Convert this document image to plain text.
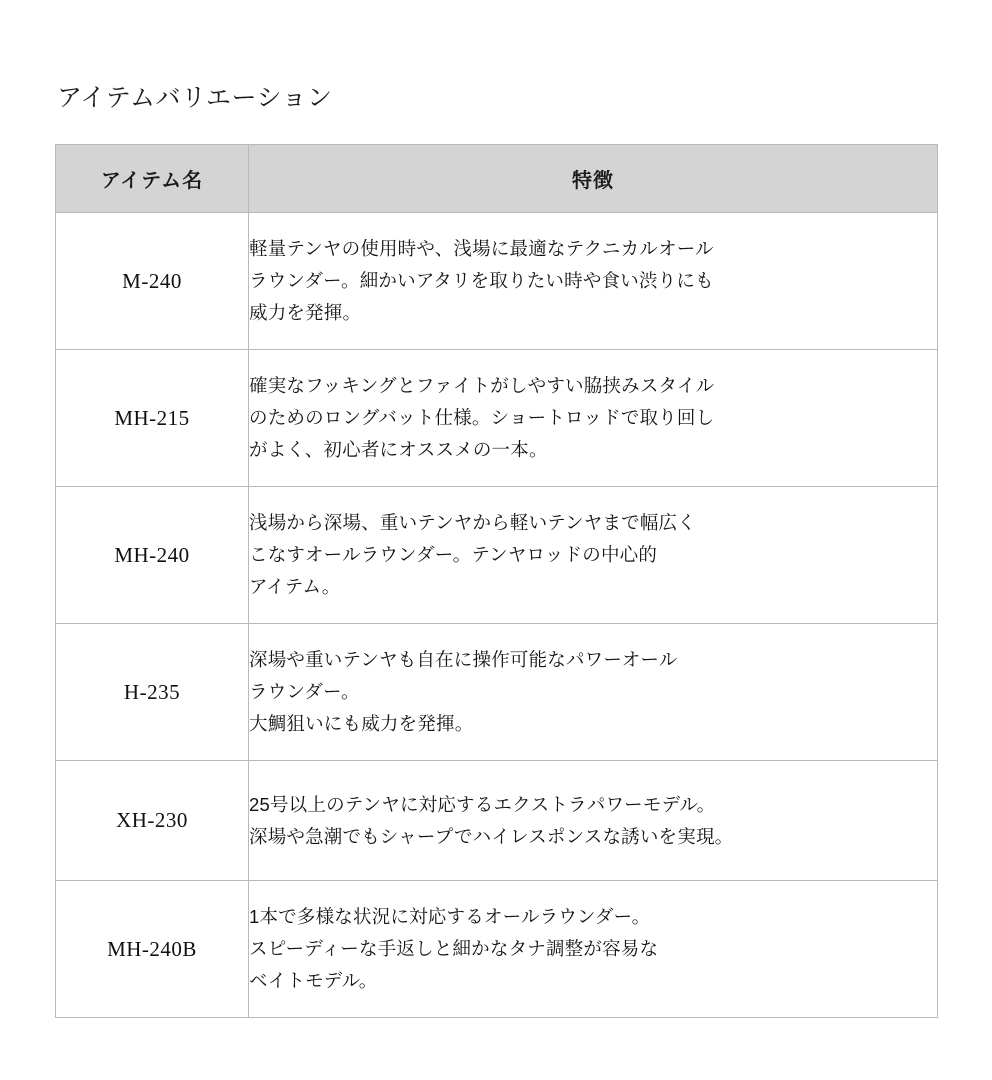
アイテムバリエーション
アイテム名	特徴
M-240	軽量テンヤの使用時や、浅場に最適なテクニカルオール
ラウンダー。細かいアタリを取りたい時や食い渋りにも
威力を発揮。

MH-215	確実なフッキングとファイトがしやすい脇挟みスタイル
のためのロングバット仕様。ショートロッドで取り回し
がよく、初心者にオススメの一本。

MH-240	浅場から深場、重いテンヤから軽いテンヤまで幅広く
こなすオールラウンダー。テンヤロッドの中心的
アイテム。

H-235	深場や重いテンヤも自在に操作可能なパワーオール
ラウンダー。
大鯛狙いにも威力を発揮。

XH-230	25号以上のテンヤに対応するエクストラパワーモデル。
深場や急潮でもシャープでハイレスポンスな誘いを実現。

MH-240B	1本で多様な状況に対応するオールラウンダー。
スピーディーな手返しと細かなタナ調整が容易な
ベイトモデル。
